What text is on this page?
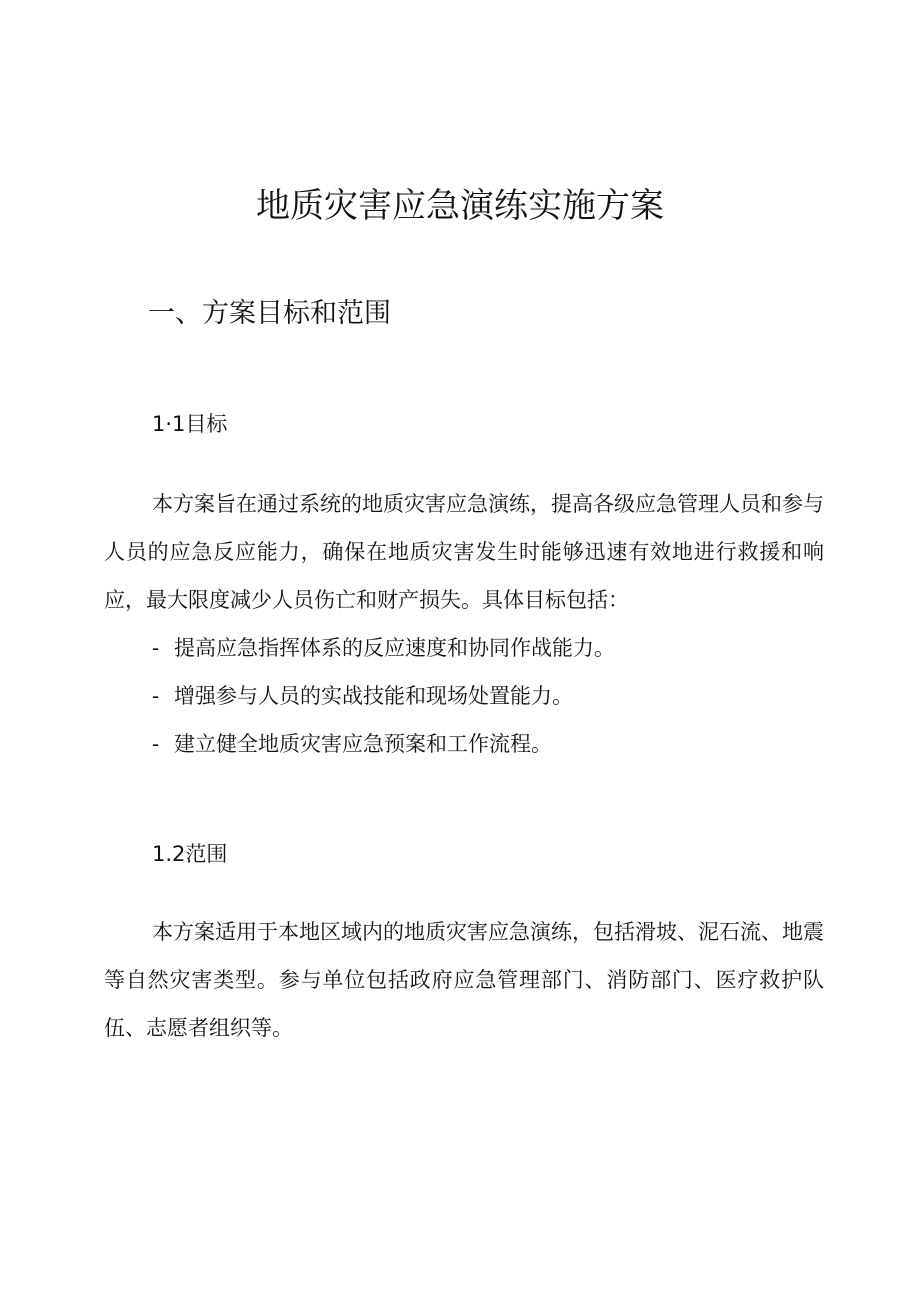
地质灾害应急演练实施方案
一、方案目标和范围
1·1目标

本方案旨在通过系统的地质灾害应急演练，提高各级应急管理人员和参与人员的应急反应能力，确保在地质灾害发生时能够迅速有效地进行救援和响应，最大限度减少人员伤亡和财产损失。具体目标包括：

- 提高应急指挥体系的反应速度和协同作战能力。
- 增强参与人员的实战技能和现场处置能力。
- 建立健全地质灾害应急预案和工作流程。
1.2范围

本方案适用于本地区域内的地质灾害应急演练，包括滑坡、泥石流、地震等自然灾害类型。参与单位包括政府应急管理部门、消防部门、医疗救护队伍、志愿者组织等。
